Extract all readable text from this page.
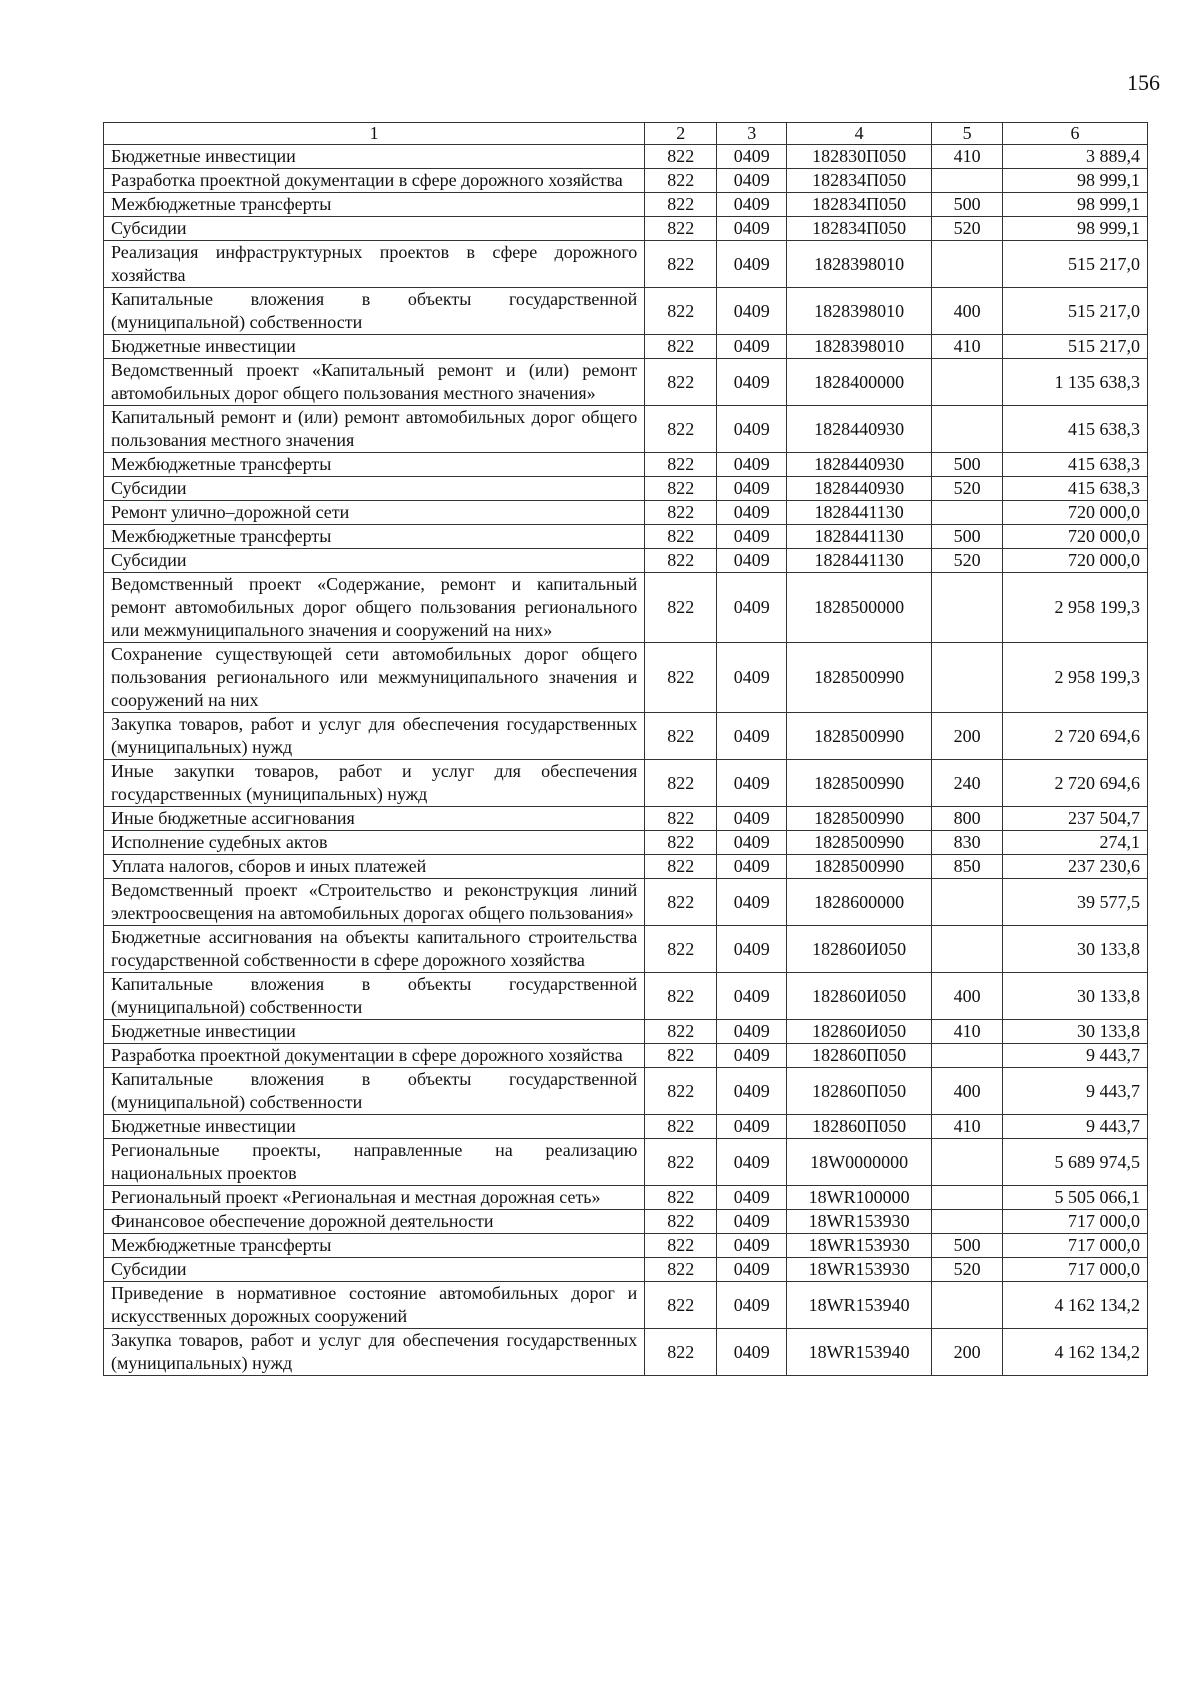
156
1	2	3	4	5	6
Бюджетные инвестиции	822	0409	182830П050	410	3 889,4
Разработка проектной документации в сфере дорожного хозяйства	822	0409	182834П050		98 999,1
Межбюджетные трансферты	822	0409	182834П050	500	98 999,1
Субсидии	822	0409	182834П050	520	98 999,1
Реализация инфраструктурных проектов в сфере дорожного хозяйства	822	0409	1828398010		515 217,0
Капитальные вложения в объекты государственной (муниципальной) собственности	822	0409	1828398010	400	515 217,0
Бюджетные инвестиции	822	0409	1828398010	410	515 217,0
Ведомственный проект «Капитальный ремонт и (или) ремонт автомобильных дорог общего пользования местного значения»	822	0409	1828400000		1 135 638,3
Капитальный ремонт и (или) ремонт автомобильных дорог общего пользования местного значения	822	0409	1828440930		415 638,3
Межбюджетные трансферты	822	0409	1828440930	500	415 638,3
Субсидии	822	0409	1828440930	520	415 638,3
Ремонт улично–дорожной сети	822	0409	1828441130		720 000,0
Межбюджетные трансферты	822	0409	1828441130	500	720 000,0
Субсидии	822	0409	1828441130	520	720 000,0
Ведомственный проект «Содержание, ремонт и капитальный ремонт автомобильных дорог общего пользования регионального или межмуниципального значения и сооружений на них»	822	0409	1828500000		2 958 199,3
Сохранение существующей сети автомобильных дорог общего пользования регионального или межмуниципального значения и сооружений на них	822	0409	1828500990		2 958 199,3
Закупка товаров, работ и услуг для обеспечения государственных (муниципальных) нужд	822	0409	1828500990	200	2 720 694,6
Иные закупки товаров, работ и услуг для обеспечения государственных (муниципальных) нужд	822	0409	1828500990	240	2 720 694,6
Иные бюджетные ассигнования	822	0409	1828500990	800	237 504,7
Исполнение судебных актов	822	0409	1828500990	830	274,1
Уплата налогов, сборов и иных платежей	822	0409	1828500990	850	237 230,6
Ведомственный проект «Строительство и реконструкция линий электроосвещения на автомобильных дорогах общего пользования»	822	0409	1828600000		39 577,5
Бюджетные ассигнования на объекты капитального строительства государственной собственности в сфере дорожного хозяйства	822	0409	182860И050		30 133,8
Капитальные вложения в объекты государственной (муниципальной) собственности	822	0409	182860И050	400	30 133,8
Бюджетные инвестиции	822	0409	182860И050	410	30 133,8
Разработка проектной документации в сфере дорожного хозяйства	822	0409	182860П050		9 443,7
Капитальные вложения в объекты государственной (муниципальной) собственности	822	0409	182860П050	400	9 443,7
Бюджетные инвестиции	822	0409	182860П050	410	9 443,7
Региональные проекты, направленные на реализацию национальных проектов	822	0409	18W0000000		5 689 974,5
Региональный проект «Региональная и местная дорожная сеть»	822	0409	18WR100000		5 505 066,1
Финансовое обеспечение дорожной деятельности	822	0409	18WR153930		717 000,0
Межбюджетные трансферты	822	0409	18WR153930	500	717 000,0
Субсидии	822	0409	18WR153930	520	717 000,0
Приведение в нормативное состояние автомобильных дорог и искусственных дорожных сооружений	822	0409	18WR153940		4 162 134,2
Закупка товаров, работ и услуг для обеспечения государственных (муниципальных) нужд	822	0409	18WR153940	200	4 162 134,2
